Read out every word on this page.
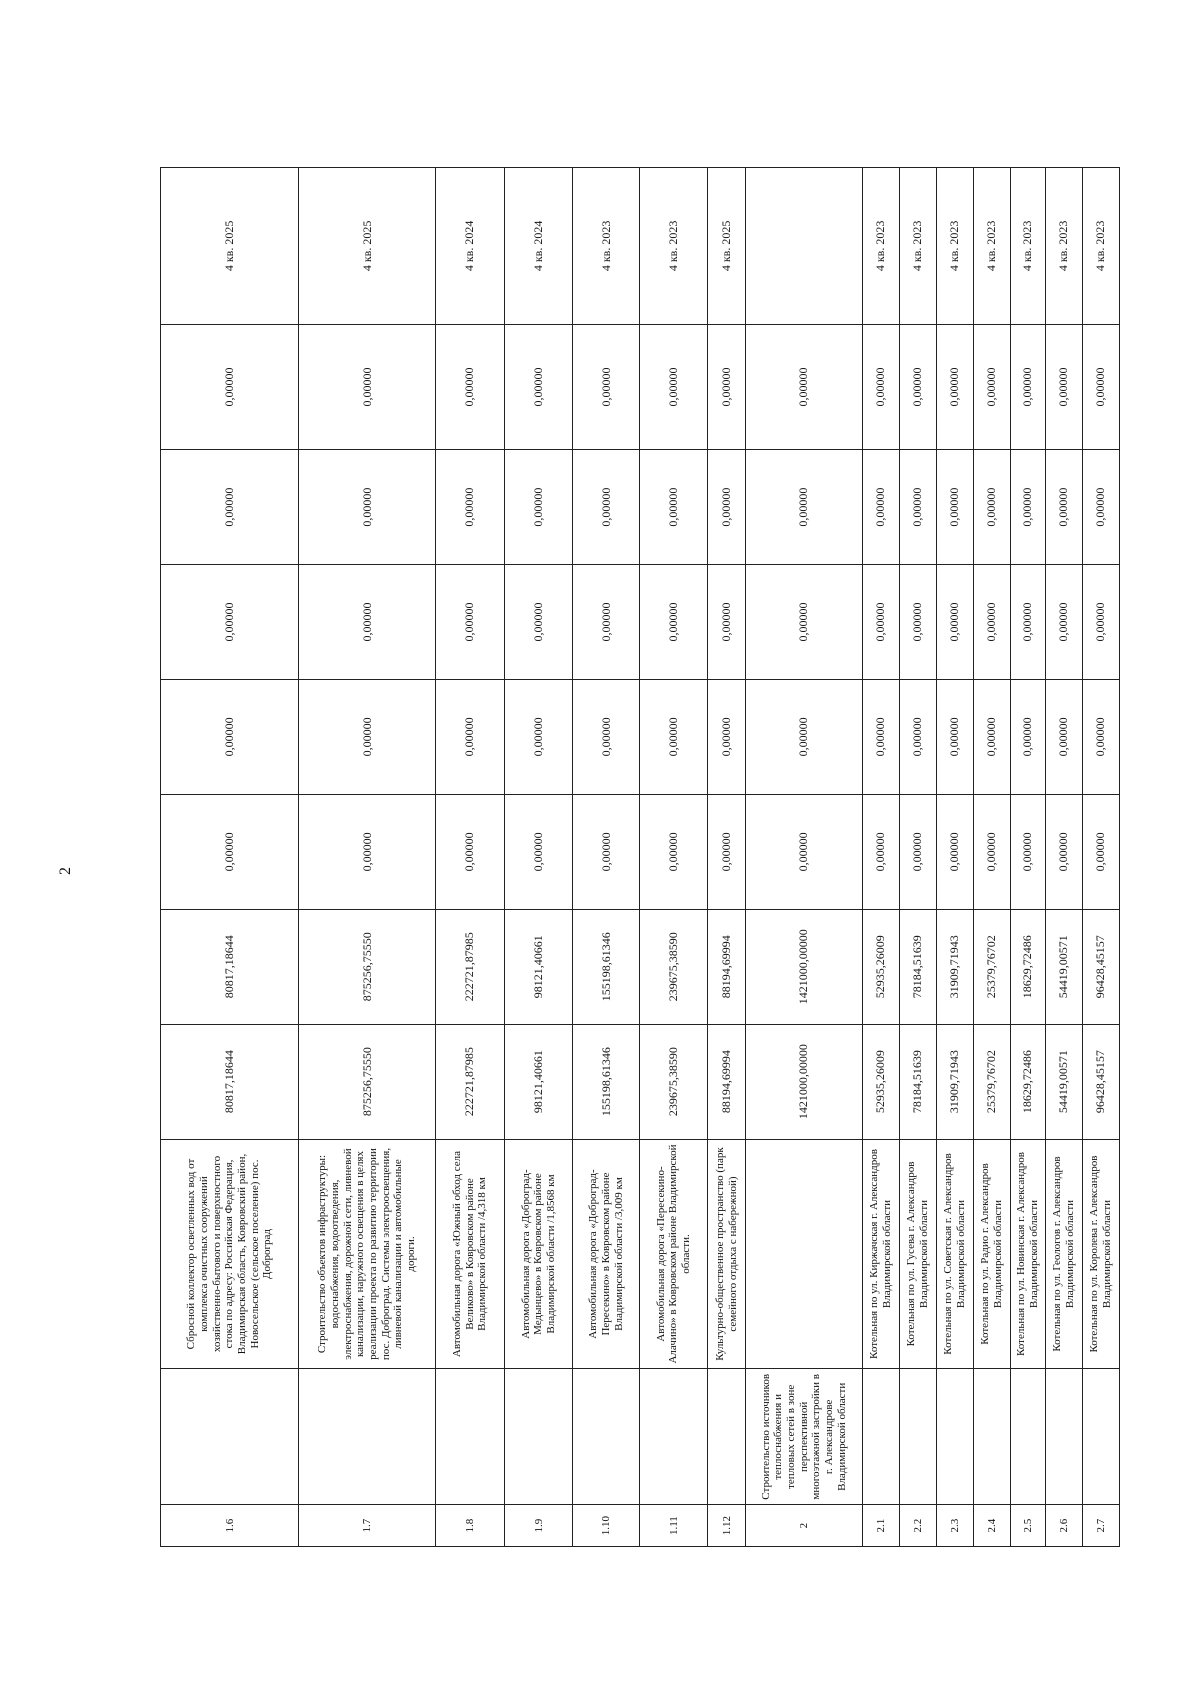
2
1.6		Сбросной коллектор осветленных вод от комплекса очистных сооружений хозяйственно-бытового и поверхностного стока по адресу: Российская Федерация, Владимирская область, Ковровский район, Новосельское (сельское поселение) пос. Доброград	80817,18644	80817,18644	0,00000	0,00000	0,00000	0,00000	0,00000	4 кв. 2025
1.7		Строительство объектов инфраструктуры: водоснабжения, водоотведения, электроснабжения, дорожной сети, ливневой канализации, наружного освещения в целях реализации проекта по развитию территории пос. Доброград. Системы электроосвещения, ливневой канализации и автомобильные дороги.	875256,75550	875256,75550	0,00000	0,00000	0,00000	0,00000	0,00000	4 кв. 2025
1.8		Автомобильная дорога «Южный обход села Великово» в Ковровском районе Владимирской области /4,318 км	222721,87985	222721,87985	0,00000	0,00000	0,00000	0,00000	0,00000	4 кв. 2024
1.9		Автомобильная дорога «Доброград-Медынцево» в Ковровском районе Владимирской области /1,8568 км	98121,40661	98121,40661	0,00000	0,00000	0,00000	0,00000	0,00000	4 кв. 2024
1.10		Автомобильная дорога «Доброград-Пересекино» в Ковровском районе Владимирской области /3,009 км	155198,61346	155198,61346	0,00000	0,00000	0,00000	0,00000	0,00000	4 кв. 2023
1.11		Автомобильная дорога «Пересекино-Алачино» в Ковровском районе Владимирской области.	239675,38590	239675,38590	0,00000	0,00000	0,00000	0,00000	0,00000	4 кв. 2023
1.12		Культурно-общественное пространство (парк семейного отдыха с набережной)	88194,69994	88194,69994	0,00000	0,00000	0,00000	0,00000	0,00000	4 кв. 2025
2	Строительство источников теплоснабжения и тепловых сетей в зоне перспективной многоэтажной застройки в г. Александрове Владимирской области		1421000,00000	1421000,00000	0,00000	0,00000	0,00000	0,00000	0,00000	
2.1		Котельная по ул. Киржачская г. Александров Владимирской области	52935,26009	52935,26009	0,00000	0,00000	0,00000	0,00000	0,00000	4 кв. 2023
2.2		Котельная по ул. Гусева г. Александров Владимирской области	78184,51639	78184,51639	0,00000	0,00000	0,00000	0,00000	0,00000	4 кв. 2023
2.3		Котельная по ул. Советская г. Александров Владимирской области	31909,71943	31909,71943	0,00000	0,00000	0,00000	0,00000	0,00000	4 кв. 2023
2.4		Котельная по ул. Радио г. Александров Владимирской области	25379,76702	25379,76702	0,00000	0,00000	0,00000	0,00000	0,00000	4 кв. 2023
2.5		Котельная по ул. Новинская г. Александров Владимирской области	18629,72486	18629,72486	0,00000	0,00000	0,00000	0,00000	0,00000	4 кв. 2023
2.6		Котельная по ул. Геологов г. Александров Владимирской области	54419,00571	54419,00571	0,00000	0,00000	0,00000	0,00000	0,00000	4 кв. 2023
2.7		Котельная по ул. Королева г. Александров Владимирской области	96428,45157	96428,45157	0,00000	0,00000	0,00000	0,00000	0,00000	4 кв. 2023
